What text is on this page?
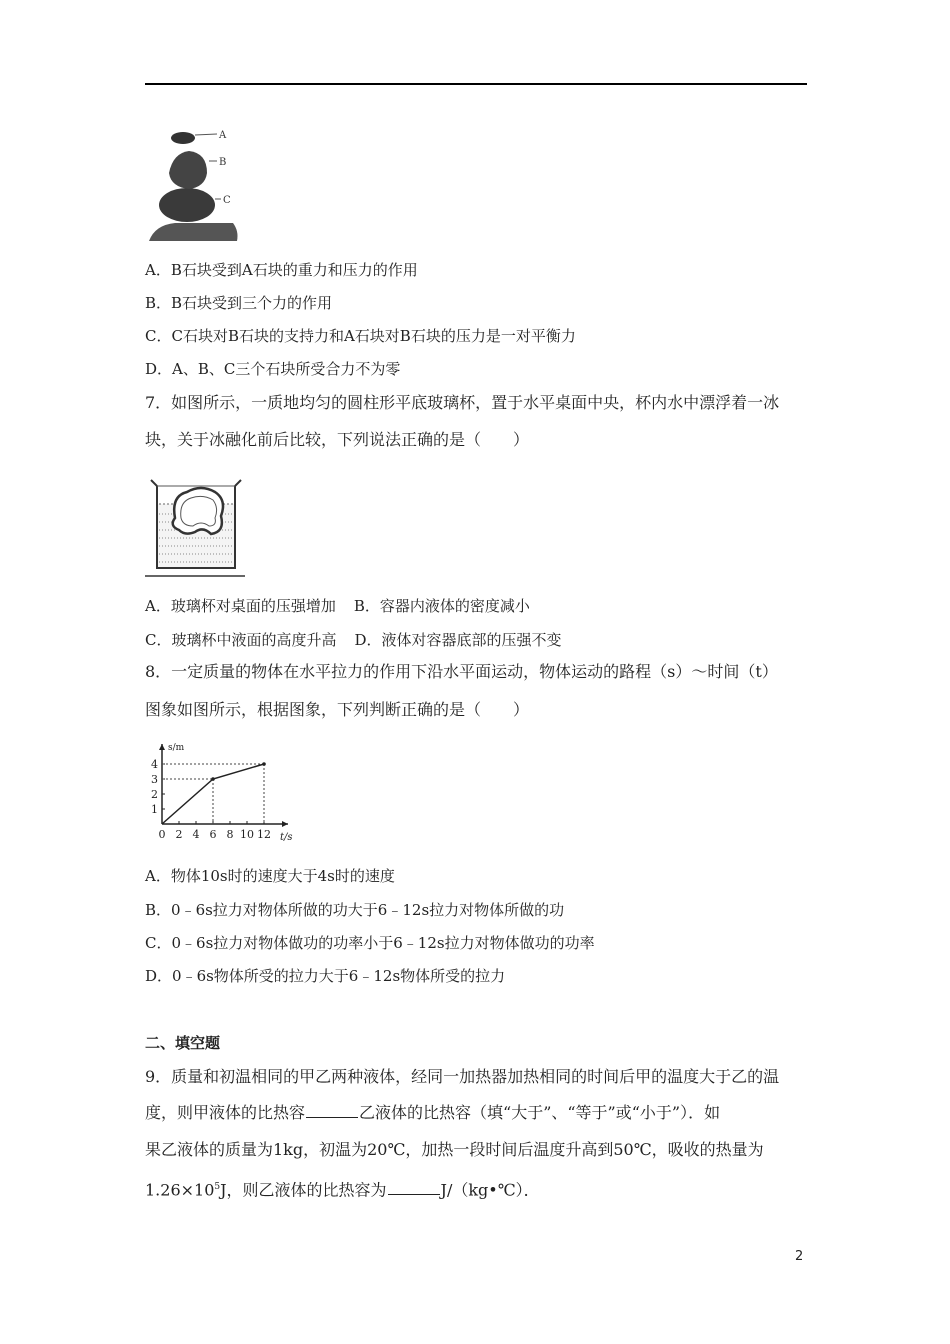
A
B
C
A．B石块受到A石块的重力和压力的作用
B．B石块受到三个力的作用
C．C石块对B石块的支持力和A石块对B石块的压力是一对平衡力
D．A、B、C三个石块所受合力不为零
7．如图所示，一质地均匀的圆柱形平底玻璃杯，置于水平桌面中央，杯内水中漂浮着一冰
块，关于冰融化前后比较，下列说法正确的是（　　）
A．玻璃杯对桌面的压强增加 B．容器内液体的密度减小
C．玻璃杯中液面的高度升高 D．液体对容器底部的压强不变
8．一定质量的物体在水平拉力的作用下沿水平面运动，物体运动的路程（s）～时间（t）
图象如图所示，根据图象，下列判断正确的是（　　）
s/m
t/s
0 2 4 6 8 10 12
1
2
3
4
A．物体10s时的速度大于4s时的速度
B．0﹣6s拉力对物体所做的功大于6﹣12s拉力对物体所做的功
C．0﹣6s拉力对物体做功的功率小于6﹣12s拉力对物体做功的功率
D．0﹣6s物体所受的拉力大于6﹣12s物体所受的拉力
二、填空题
9．质量和初温相同的甲乙两种液体，经同一加热器加热相同的时间后甲的温度大于乙的温
度，则甲液体的比热容	乙液体的比热容（填“大于”、“等于”或“小于”）．如
果乙液体的质量为1kg，初温为20℃，加热一段时间后温度升高到50℃，吸收的热量为
$1.26\times 10^5J$，则乙液体的比热容为	J/（kg•℃）．
2
